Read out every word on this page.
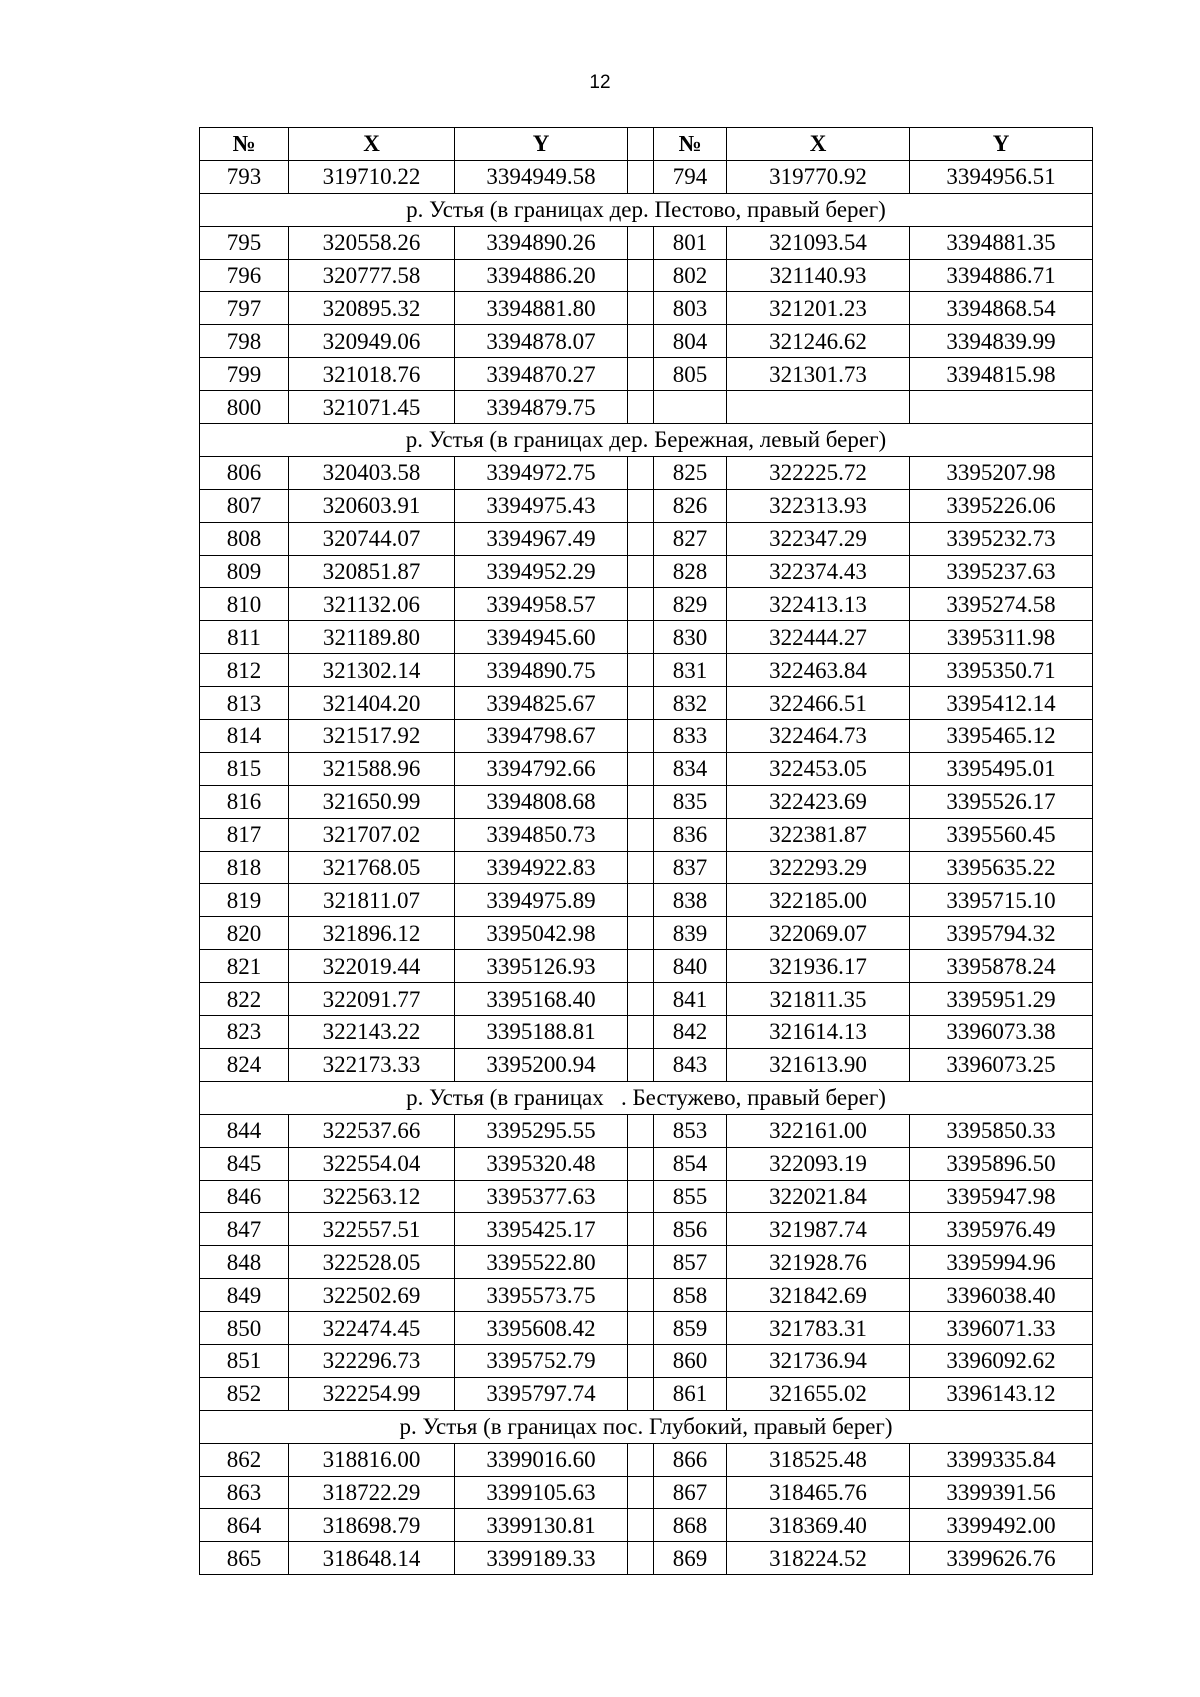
12
№	X	Y		№	X	Y
793	319710.22	3394949.58		794	319770.92	3394956.51
р. Устья (в границах дер. Пестово, правый берег)						
795	320558.26	3394890.26		801	321093.54	3394881.35
796	320777.58	3394886.20		802	321140.93	3394886.71
797	320895.32	3394881.80		803	321201.23	3394868.54
798	320949.06	3394878.07		804	321246.62	3394839.99
799	321018.76	3394870.27		805	321301.73	3394815.98
800	321071.45	3394879.75				
р. Устья (в границах дер. Бережная, левый берег)						
806	320403.58	3394972.75		825	322225.72	3395207.98
807	320603.91	3394975.43		826	322313.93	3395226.06
808	320744.07	3394967.49		827	322347.29	3395232.73
809	320851.87	3394952.29		828	322374.43	3395237.63
810	321132.06	3394958.57		829	322413.13	3395274.58
811	321189.80	3394945.60		830	322444.27	3395311.98
812	321302.14	3394890.75		831	322463.84	3395350.71
813	321404.20	3394825.67		832	322466.51	3395412.14
814	321517.92	3394798.67		833	322464.73	3395465.12
815	321588.96	3394792.66		834	322453.05	3395495.01
816	321650.99	3394808.68		835	322423.69	3395526.17
817	321707.02	3394850.73		836	322381.87	3395560.45
818	321768.05	3394922.83		837	322293.29	3395635.22
819	321811.07	3394975.89		838	322185.00	3395715.10
820	321896.12	3395042.98		839	322069.07	3395794.32
821	322019.44	3395126.93		840	321936.17	3395878.24
822	322091.77	3395168.40		841	321811.35	3395951.29
823	322143.22	3395188.81		842	321614.13	3396073.38
824	322173.33	3395200.94		843	321613.90	3396073.25
р. Устья (в границах   . Бестужево, правый берег)						
844	322537.66	3395295.55		853	322161.00	3395850.33
845	322554.04	3395320.48		854	322093.19	3395896.50
846	322563.12	3395377.63		855	322021.84	3395947.98
847	322557.51	3395425.17		856	321987.74	3395976.49
848	322528.05	3395522.80		857	321928.76	3395994.96
849	322502.69	3395573.75		858	321842.69	3396038.40
850	322474.45	3395608.42		859	321783.31	3396071.33
851	322296.73	3395752.79		860	321736.94	3396092.62
852	322254.99	3395797.74		861	321655.02	3396143.12
р. Устья (в границах пос. Глубокий, правый берег)						
862	318816.00	3399016.60		866	318525.48	3399335.84
863	318722.29	3399105.63		867	318465.76	3399391.56
864	318698.79	3399130.81		868	318369.40	3399492.00
865	318648.14	3399189.33		869	318224.52	3399626.76
